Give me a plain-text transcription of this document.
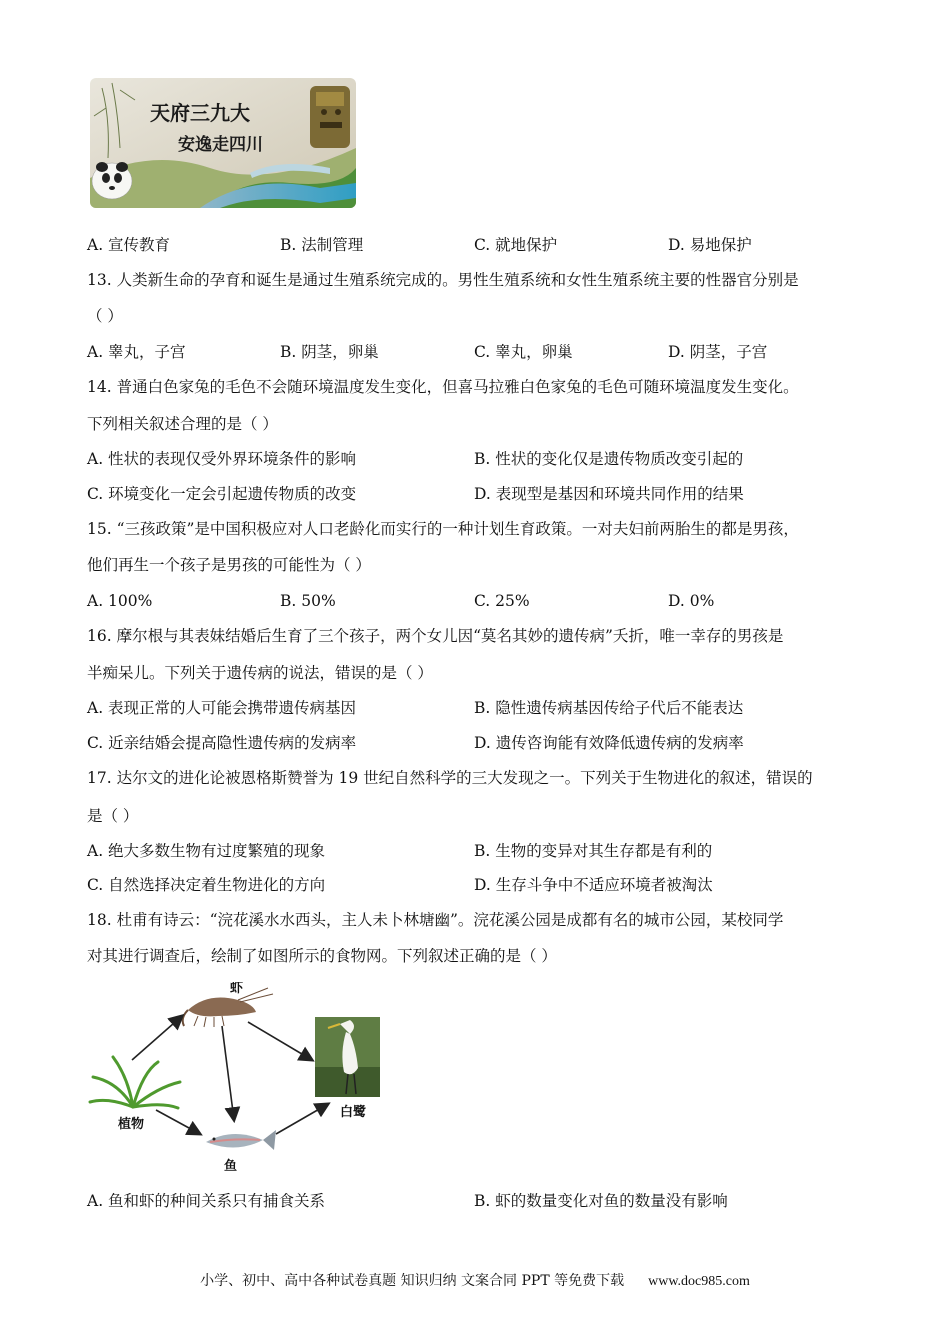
天府三九大
安逸走四川
A. 宣传教育	B. 法制管理	C. 就地保护	D. 易地保护
13. 人类新生命的孕育和诞生是通过生殖系统完成的。男性生殖系统和女性生殖系统主要的性器官分别是
（ ）
A. 睾丸，子宫	B. 阴茎，卵巢	C. 睾丸，卵巢	D. 阴茎，子宫
14. 普通白色家兔的毛色不会随环境温度发生变化，但喜马拉雅白色家兔的毛色可随环境温度发生变化。
下列相关叙述合理的是（ ）
A. 性状的表现仅受外界环境条件的影响	B. 性状的变化仅是遗传物质改变引起的
C. 环境变化一定会引起遗传物质的改变	D. 表现型是基因和环境共同作用的结果
15. “三孩政策”是中国积极应对人口老龄化而实行的一种计划生育政策。一对夫妇前两胎生的都是男孩，
他们再生一个孩子是男孩的可能性为（ ）
A. 100%	B. 50%	C. 25%	D. 0%
16. 摩尔根与其表妹结婚后生育了三个孩子，两个女儿因“莫名其妙的遗传病”夭折，唯一幸存的男孩是
半痴呆儿。下列关于遗传病的说法，错误的是（ ）
A. 表现正常的人可能会携带遗传病基因	B. 隐性遗传病基因传给子代后不能表达
C. 近亲结婚会提高隐性遗传病的发病率	D. 遗传咨询能有效降低遗传病的发病率
17. 达尔文的进化论被恩格斯赞誉为 19 世纪自然科学的三大发现之一。下列关于生物进化的叙述，错误的
是（ ）
A. 绝大多数生物有过度繁殖的现象	B. 生物的变异对其生存都是有利的
C. 自然选择决定着生物进化的方向	D. 生存斗争中不适应环境者被淘汰
18. 杜甫有诗云：“浣花溪水水西头，主人未卜林塘幽”。浣花溪公园是成都有名的城市公园，某校同学
对其进行调查后，绘制了如图所示的食物网。下列叙述正确的是（ ）
虾
植物
鱼
白鹭
A. 鱼和虾的种间关系只有捕食关系	B. 虾的数量变化对鱼的数量没有影响
小学、初中、高中各种试卷真题 知识归纳 文案合同 PPT 等免费下载 www.doc985.com
